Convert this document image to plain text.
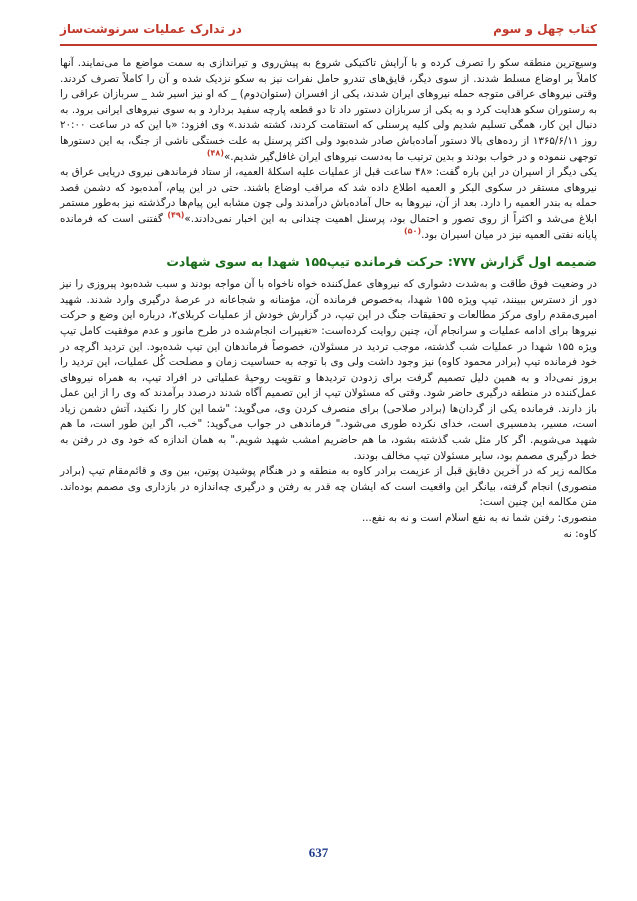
کتاب چهل و سوم
در تدارک عملیات سرنوشت‌ساز

وسیع‌ترین منطقه سکو را تصرف کرده و با آرایش تاکتیکی شروع به پیش‌روی و تیراندازی به سمت مواضع ما می‌نمایند. آنها کاملاً بر اوضاع مسلط شدند. از سوی دیگر، قایق‌های تندرو حامل نفرات نیز به سکو نزدیک شده و آن را کاملاً تصرف کردند. وقتی نیروهای عراقی متوجه حمله نیروهای ایران شدند، یکی از افسران (ستوان‌دوم) _ که او نیز اسیر شد _ سربازان عراقی را به رستوران سکو هدایت کرد و به یکی از سربازان دستور داد تا دو قطعه پارچه سفید بردارد و به سوی نیروهای ایرانی برود. به دنبال این کار، همگی تسلیم شدیم ولی کلیه پرسنلی که استقامت کردند، کشته شدند.» وی افزود: «با این که در ساعت ۲۰:۰۰ روز ۱۳۶۵/۶/۱۱ از رده‌های بالا دستور آماده‌باش صادر شده‌بود ولی اکثر پرسنل به علت خستگی ناشی از جنگ، به این دستورها توجهی ننموده و در خواب بودند و بدین ترتیب ما به‌دست نیروهای ایران غافل‌گیر شدیم.»$^{(۴۸)}$

یکی دیگر از اسیران در این باره گفت: «۴۸ ساعت قبل از عملیات علیه اسکلهٔ العمیه، از ستاد فرماندهی نیروی دریایی عراق به نیروهای مستقر در سکوی البکر و العمیه اطلاع داده شد که مراقب اوضاع باشند. حتی در این پیام، آمده‌بود که دشمن قصد حمله به بندر العمیه را دارد. بعد از آن، نیروها به حال آماده‌باش درآمدند ولی چون مشابه این پیام‌ها درگذشته نیز به‌طور مستمر ابلاغ می‌شد و اکثراً از روی تصور و احتمال بود، پرسنل اهمیت چندانی به این اخبار نمی‌دادند.»$^{(۴۹)}$ گفتنی است که فرمانده پایانه نفتی العمیه نیز در میان اسیران بود.$^{(۵۰)}$

ضمیمه اول گزارش ۷۷۷: حرکت فرمانده تیپ۱۵۵ شهدا به سوی شهادت

در وضعیت فوق طاقت و به‌شدت دشواری که نیروهای عمل‌کننده خواه ناخواه با آن مواجه بودند و سبب شده‌بود پیروزی را نیز دور از دسترس ببینند، تیپ ویژه ۱۵۵ شهدا، به‌خصوص فرمانده آن، مؤمنانه و شجاعانه در عرصهٔ درگیری وارد شدند. شهید امیری‌مقدم راوی مرکز مطالعات و تحقیقات جنگ در این تیپ، در گزارش خودش از عملیات کربلای۲، درباره این وضع و حرکت نیروها برای ادامه عملیات و سرانجام آن، چنین روایت کرده‌است: «تغییرات انجام‌شده در طرح مانور و عدم موفقیت کامل تیپ ویژه ۱۵۵ شهدا در عملیات شب گذشته، موجب تردید در مسئولان، خصوصاً فرماندهان این تیپ شده‌بود. این تردید اگرچه در خود فرمانده تیپ (برادر محمود کاوه) نیز وجود داشت ولی وی با توجه به حساسیت زمان و مصلحت کُل عملیات، این تردید را بروز نمی‌داد و به همین دلیل تصمیم گرفت برای زدودن تردیدها و تقویت روحیهٔ عملیاتی در افراد تیپ، به همراه نیروهای عمل‌کننده در منطقه درگیری حاضر شود. وقتی که مسئولان تیپ از این تصمیم آگاه شدند درصدد برآمدند که وی را از این عمل باز دارند. فرمانده یکی از گردان‌ها (برادر صلاحی) برای منصرف کردن وی، می‌گوید: "شما این کار را نکنید، آتش دشمن زیاد است، مسیر، بدمسیری است، خدای نکرده طوری می‌شود." فرماندهی در جواب می‌گوید: "خب، اگر این طور است، ما هم شهید می‌شویم. اگر کار مثل شب گذشته بشود، ما هم حاضریم امشب شهید شویم." به همان اندازه که خود وی در رفتن به خط درگیری مصمم بود، سایر مسئولان تیپ مخالف بودند.

مکالمه زیر که در آخرین دقایق قبل از عزیمت برادر کاوه به منطقه و در هنگام پوشیدن پوتین، بین وی و قائم‌مقام تیپ (برادر منصوری) انجام گرفته، بیانگر این واقعیت است که ایشان چه قدر به رفتن و درگیری چه‌اندازه در بازداری وی مصمم بوده‌اند. متن مکالمه این چنین است:

منصوری: رفتن شما نه به نفع اسلام است و نه به نفع...

کاوه: نه

637
